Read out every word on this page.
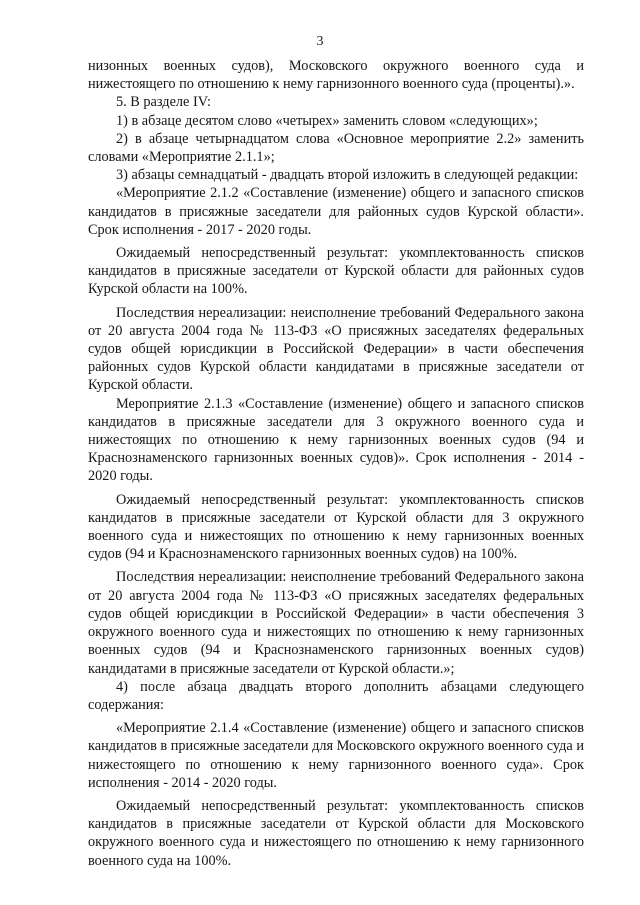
3

низонных военных судов), Московского окружного военного суда и нижестоящего по отношению к нему гарнизонного военного суда (проценты).».

5. В разделе IV:

1) в абзаце десятом слово «четырех» заменить словом «следующих»;

2) в абзаце четырнадцатом слова «Основное мероприятие 2.2» заменить словами «Мероприятие 2.1.1»;

3) абзацы семнадцатый - двадцать второй изложить в следующей редакции:

«Мероприятие 2.1.2 «Составление (изменение) общего и запасного списков кандидатов в присяжные заседатели для районных судов Курской области». Срок исполнения - 2017 - 2020 годы.

Ожидаемый непосредственный результат: укомплектованность списков кандидатов в присяжные заседатели от Курской области для районных судов Курской области на 100%.

Последствия нереализации: неисполнение требований Федерального закона от 20 августа 2004 года № 113-ФЗ «О присяжных заседателях федеральных судов общей юрисдикции в Российской Федерации» в части обеспечения районных судов Курской области кандидатами в присяжные заседатели от Курской области.

Мероприятие 2.1.3 «Составление (изменение) общего и запасного списков кандидатов в присяжные заседатели для 3 окружного военного суда и нижестоящих по отношению к нему гарнизонных военных судов (94 и Краснознаменского гарнизонных военных судов)». Срок исполнения - 2014 - 2020 годы.

Ожидаемый непосредственный результат: укомплектованность списков кандидатов в присяжные заседатели от Курской области для 3 окружного военного суда и нижестоящих по отношению к нему гарнизонных военных судов (94 и Краснознаменского гарнизонных военных судов) на 100%.

Последствия нереализации: неисполнение требований Федерального закона от 20 августа 2004 года № 113-ФЗ «О присяжных заседателях федеральных судов общей юрисдикции в Российской Федерации» в части обеспечения 3 окружного военного суда и нижестоящих по отношению к нему гарнизонных военных судов (94 и Краснознаменского гарнизонных военных судов) кандидатами в присяжные заседатели от Курской области.»;

4) после абзаца двадцать второго дополнить абзацами следующего содержания:

«Мероприятие 2.1.4 «Составление (изменение) общего и запасного списков кандидатов в присяжные заседатели для Московского окружного военного суда и нижестоящего по отношению к нему гарнизонного военного суда». Срок исполнения - 2014 - 2020 годы.

Ожидаемый непосредственный результат: укомплектованность списков кандидатов в присяжные заседатели от Курской области для Московского окружного военного суда и нижестоящего по отношению к нему гарнизонного военного суда на 100%.
